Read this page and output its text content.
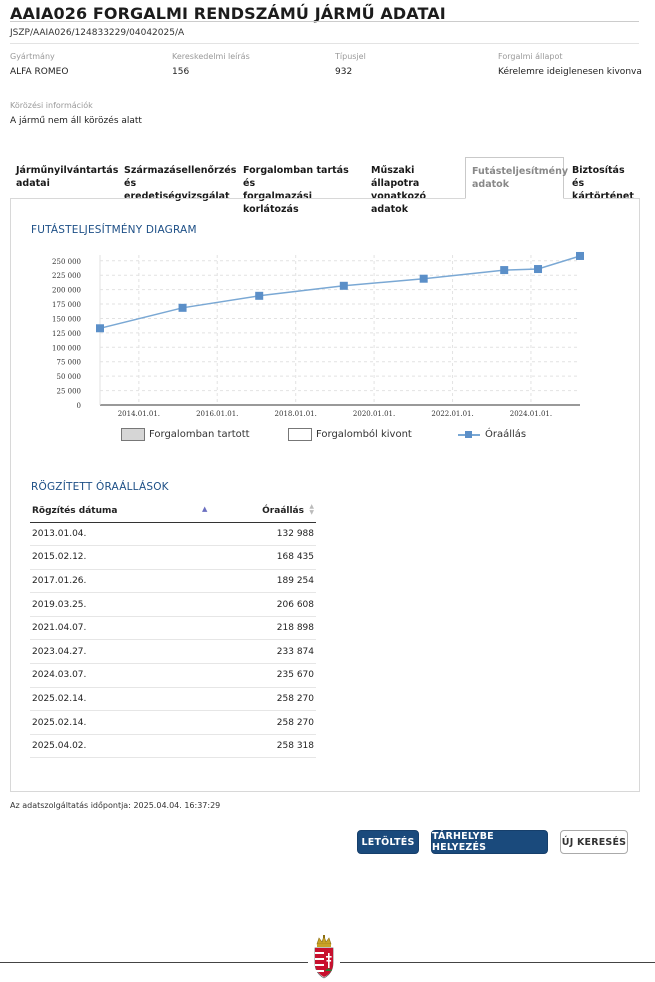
AAIA026 FORGALMI RENDSZÁMÚ JÁRMŰ ADATAI
JSZP/AAIA026/124833229/04042025/A
Gyártmány
ALFA ROMEO
Kereskedelmi leírás
156
Típusjel
932
Forgalmi állapot
Kérelemre ideiglenesen kivonva
Körözési információk
A jármű nem áll körözés alatt
Járműnyilvántartás
adatai
Származásellenőrzés
és eredetiségvizsgálat
Forgalomban tartás és
forgalmazási korlátozás
Műszaki állapotra
vonatkozó adatok
Futásteljesítmény
adatok
Biztosítás és
kártörténet
FUTÁSTELJESÍTMÉNY DIAGRAM
0
25 000
50 000
75 000
100 000
125 000
150 000
175 000
200 000
225 000
250 000
2014.01.01.	2016.01.01.	2018.01.01.	2020.01.01.	2022.01.01.	2024.01.01.
Forgalomban tartott	Forgalomból kivont	Óraállás
RÖGZÍTETT ÓRAÁLLÁSOK
Rögzítés dátuma ▲	Óraállás ▲
▼

2013.01.04.	132 988
2015.02.12.	168 435
2017.01.26.	189 254
2019.03.25.	206 608
2021.04.07.	218 898
2023.04.27.	233 874
2024.03.07.	235 670
2025.02.14.	258 270
2025.02.14.	258 270
2025.04.02.	258 318
Az adatszolgáltatás időpontja: 2025.04.04. 16:37:29
LETÖLTÉS	TÁRHELYBE HELYEZÉS	ÚJ KERESÉS
